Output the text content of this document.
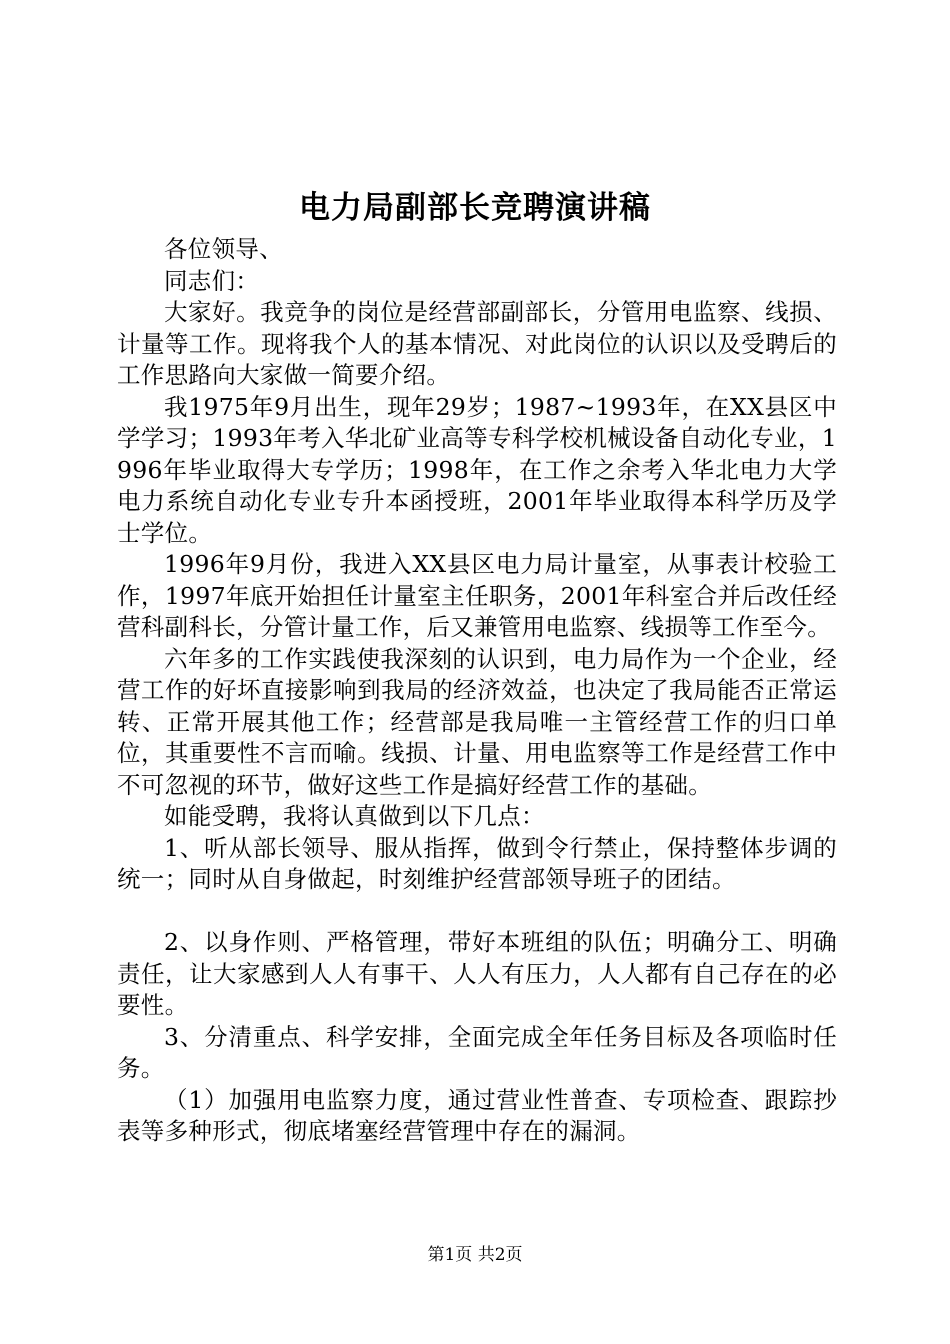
电力局副部长竞聘演讲稿

各位领导、

同志们：

大家好。我竞争的岗位是经营部副部长，分管用电监察、线损、计量等工作。现将我个人的基本情况、对此岗位的认识以及受聘后的工作思路向大家做一简要介绍。

我1975年9月出生，现年29岁；1987~1993年，在XX县区中学学习；1993年考入华北矿业高等专科学校机械设备自动化专业，1996年毕业取得大专学历；1998年，在工作之余考入华北电力大学电力系统自动化专业专升本函授班，2001年毕业取得本科学历及学士学位。

1996年9月份，我进入XX县区电力局计量室，从事表计校验工作，1997年底开始担任计量室主任职务，2001年科室合并后改任经营科副科长，分管计量工作，后又兼管用电监察、线损等工作至今。

六年多的工作实践使我深刻的认识到，电力局作为一个企业，经营工作的好坏直接影响到我局的经济效益，也决定了我局能否正常运转、正常开展其他工作；经营部是我局唯一主管经营工作的归口单位，其重要性不言而喻。线损、计量、用电监察等工作是经营工作中不可忽视的环节，做好这些工作是搞好经营工作的基础。

如能受聘，我将认真做到以下几点：

1、听从部长领导、服从指挥，做到令行禁止，保持整体步调的统一；同时从自身做起，时刻维护经营部领导班子的团结。

2、以身作则、严格管理，带好本班组的队伍；明确分工、明确责任，让大家感到人人有事干、人人有压力，人人都有自己存在的必要性。

3、分清重点、科学安排，全面完成全年任务目标及各项临时任务。

（1）加强用电监察力度，通过营业性普查、专项检查、跟踪抄表等多种形式，彻底堵塞经营管理中存在的漏洞。

第1页 共2页
